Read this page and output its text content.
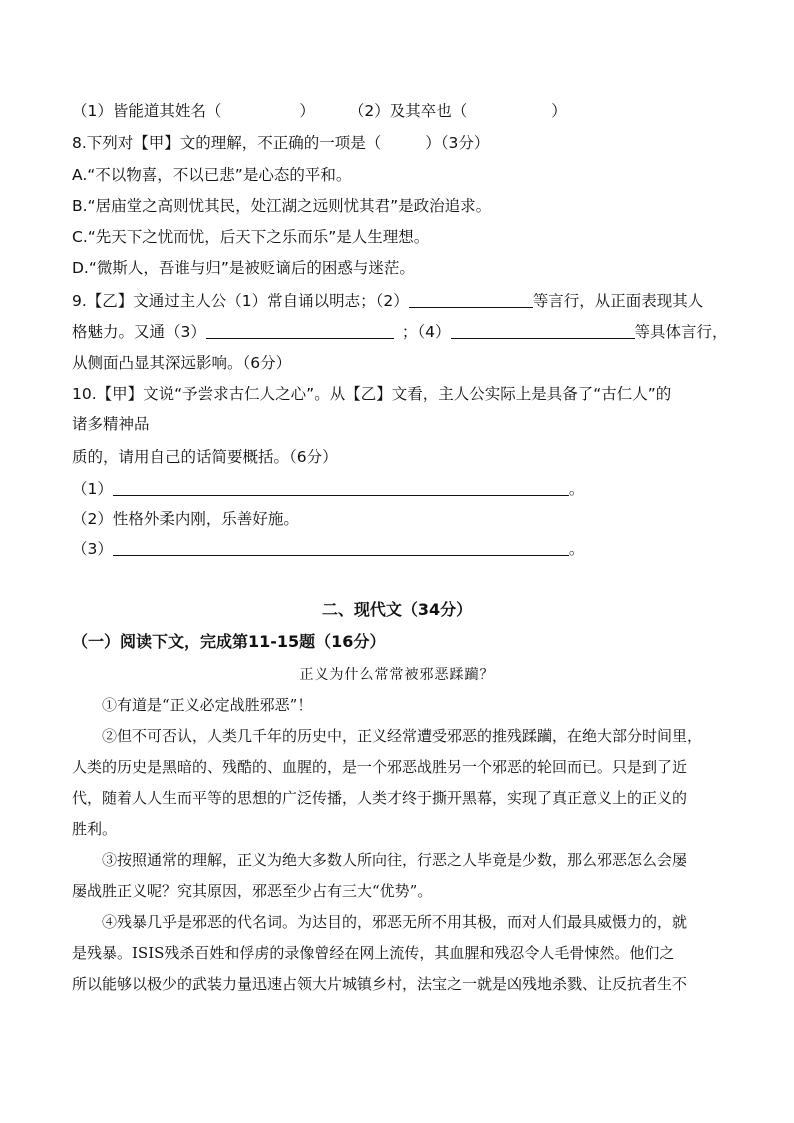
（1）皆能道其姓名（	） （2）及其卒也（	）
8.下列对【甲】文的理解，不正确的一项是（	）（3分）
A.“不以物喜，不以已悲”是心态的平和。
B.“居庙堂之高则忧其民，处江湖之远则忧其君”是政治追求。
C.“先天下之忧而忧，后天下之乐而乐”是人生理想。
D.“微斯人，吾谁与归”是被贬谪后的困惑与迷茫。
9.【乙】文通过主人公（1）常自诵以明志；（2）	等言行，从正面表现其人
格魅力。又通（3）	；（4）	等具体言行，
从侧面凸显其深远影响。（6分）
10.【甲】文说“予尝求古仁人之心”。从【乙】文看，主人公实际上是具备了“古仁人”的
诸多精神品
质的，请用自己的话简要概括。（6分）
（1）	。
（2）性格外柔内刚，乐善好施。
（3）	。
二、现代文（34分）
（一）阅读下文，完成第11-15题（16分）
正义为什么常常被邪恶蹂躏？
①有道是“正义必定战胜邪恶”！
②但不可否认，人类几千年的历史中，正义经常遭受邪恶的推残蹂躏，在绝大部分时间里，
人类的历史是黑暗的、残酷的、血腥的，是一个邪恶战胜另一个邪恶的轮回而已。只是到了近
代，随着人人生而平等的思想的广泛传播，人类才终于撕开黑幕，实现了真正意义上的正义的
胜利。
③按照通常的理解，正义为绝大多数人所向往，行恶之人毕竟是少数，那么邪恶怎么会屡
屡战胜正义呢？究其原因，邪恶至少占有三大“优势”。
④残暴几乎是邪恶的代名词。为达目的，邪恶无所不用其极，而对人们最具威慑力的，就
是残暴。ISIS残杀百姓和俘虏的录像曾经在网上流传，其血腥和残忍令人毛骨悚然。他们之
所以能够以极少的武装力量迅速占领大片城镇乡村，法宝之一就是凶残地杀戮、让反抗者生不
